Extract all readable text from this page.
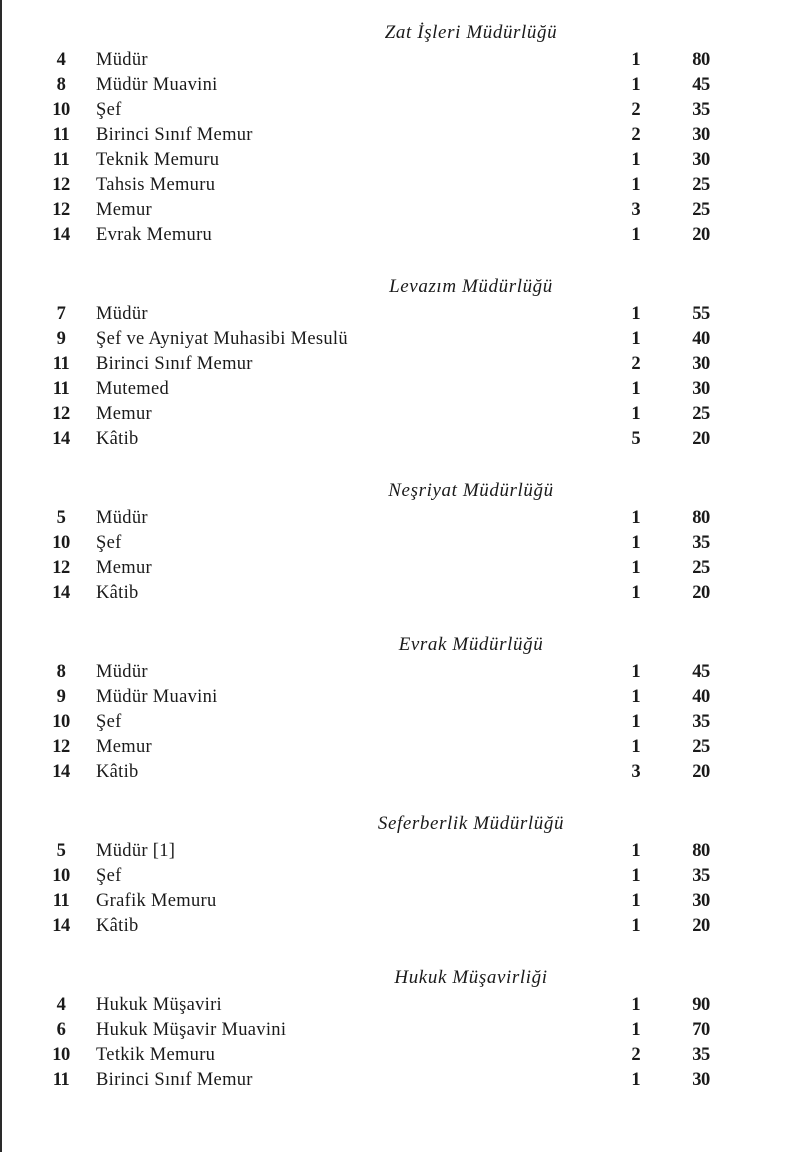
Zat İşleri Müdürlüğü
4	Müdür	1	80
8	Müdür Muavini	1	45
10	Şef	2	35
11	Birinci Sınıf Memur	2	30
11	Teknik Memuru	1	30
12	Tahsis Memuru	1	25
12	Memur	3	25
14	Evrak Memuru	1	20
Levazım Müdürlüğü
7	Müdür	1	55
9	Şef ve Ayniyat Muhasibi Mesulü	1	40
11	Birinci Sınıf Memur	2	30
11	Mutemed	1	30
12	Memur	1	25
14	Kâtib	5	20
Neşriyat Müdürlüğü
5	Müdür	1	80
10	Şef	1	35
12	Memur	1	25
14	Kâtib	1	20
Evrak Müdürlüğü
8	Müdür	1	45
9	Müdür Muavini	1	40
10	Şef	1	35
12	Memur	1	25
14	Kâtib	3	20
Seferberlik Müdürlüğü
5	Müdür [1]	1	80
10	Şef	1	35
11	Grafik Memuru	1	30
14	Kâtib	1	20
Hukuk Müşavirliği
4	Hukuk Müşaviri	1	90
6	Hukuk Müşavir Muavini	1	70
10	Tetkik Memuru	2	35
11	Birinci Sınıf Memur	1	30
